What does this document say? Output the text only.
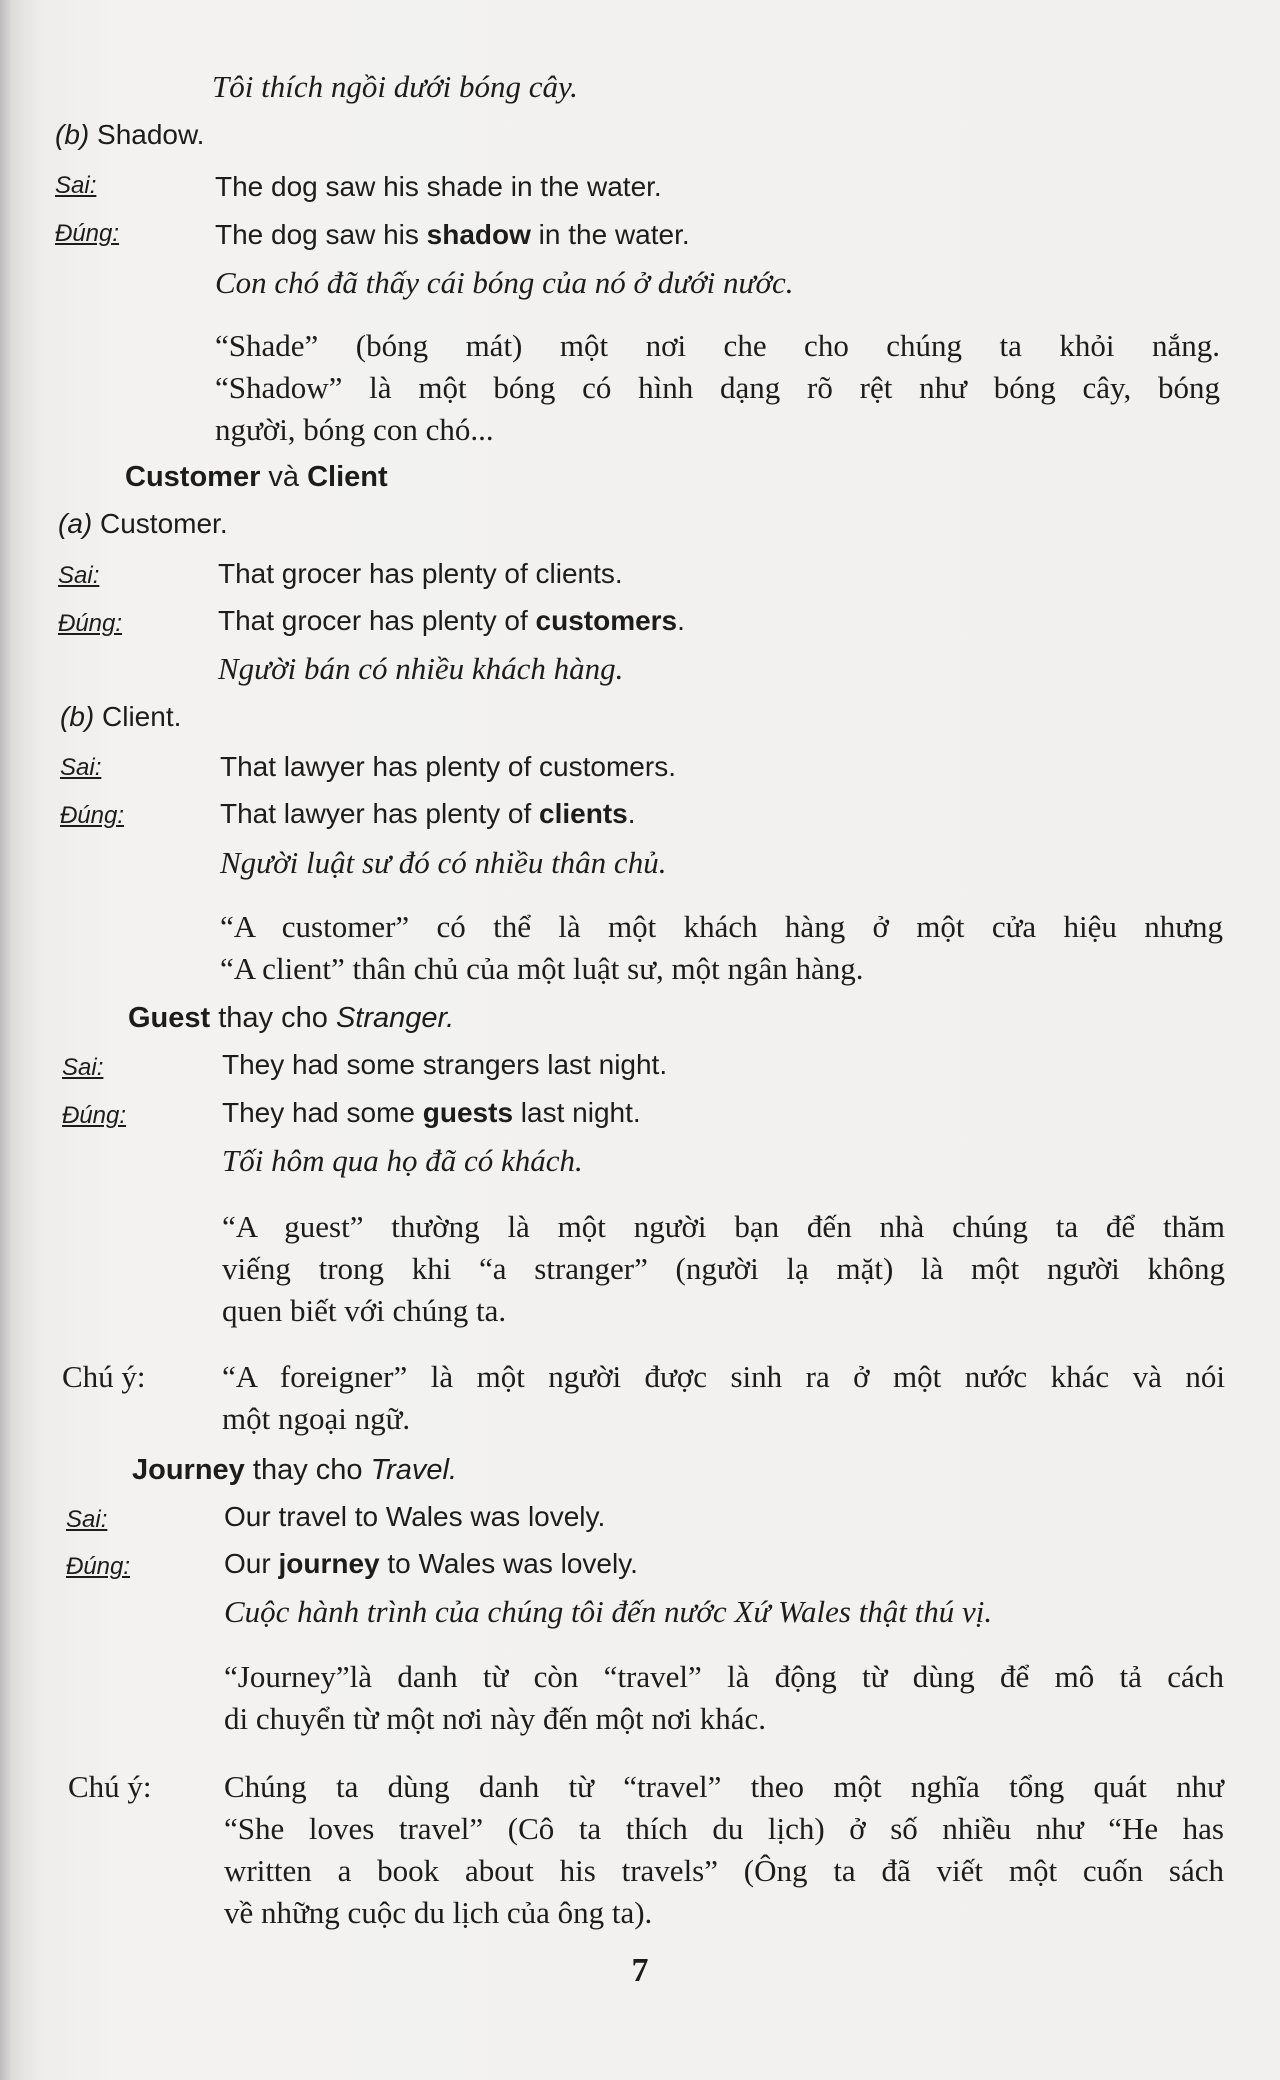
Tôi thích ngồi dưới bóng cây.
(b) Shadow.
Sai:	The dog saw his shade in the water.
Đúng:	The dog saw his shadow in the water.
Con chó đã thấy cái bóng của nó ở dưới nước.
“Shade” (bóng mát) một nơi che cho chúng ta khỏi nắng.
“Shadow” là một bóng có hình dạng rõ rệt như bóng cây, bóng
người, bóng con chó...
Customer và Client
(a) Customer.
Sai:	That grocer has plenty of clients.
Đúng:	That grocer has plenty of customers.
Người bán có nhiều khách hàng.
(b) Client.
Sai:	That lawyer has plenty of customers.
Đúng:	That lawyer has plenty of clients.
Người luật sư đó có nhiều thân chủ.
“A customer” có thể là một khách hàng ở một cửa hiệu nhưng
“A client” thân chủ của một luật sư, một ngân hàng.
Guest thay cho Stranger.
Sai:	They had some strangers last night.
Đúng:	They had some guests last night.
Tối hôm qua họ đã có khách.
“A guest” thường là một người bạn đến nhà chúng ta để thăm
viếng trong khi “a stranger” (người lạ mặt) là một người không
quen biết với chúng ta.
Chú ý: “A foreigner” là một người được sinh ra ở một nước khác và nói
một ngoại ngữ.
Journey thay cho Travel.
Sai:	Our travel to Wales was lovely.
Đúng:	Our journey to Wales was lovely.
Cuộc hành trình của chúng tôi đến nước Xứ Wales thật thú vị.
“Journey”là danh từ còn “travel” là động từ dùng để mô tả cách
di chuyển từ một nơi này đến một nơi khác.
Chú ý: Chúng ta dùng danh từ “travel” theo một nghĩa tổng quát như
“She loves travel” (Cô ta thích du lịch) ở số nhiều như “He has
written a book about his travels” (Ông ta đã viết một cuốn sách
về những cuộc du lịch của ông ta).
7
